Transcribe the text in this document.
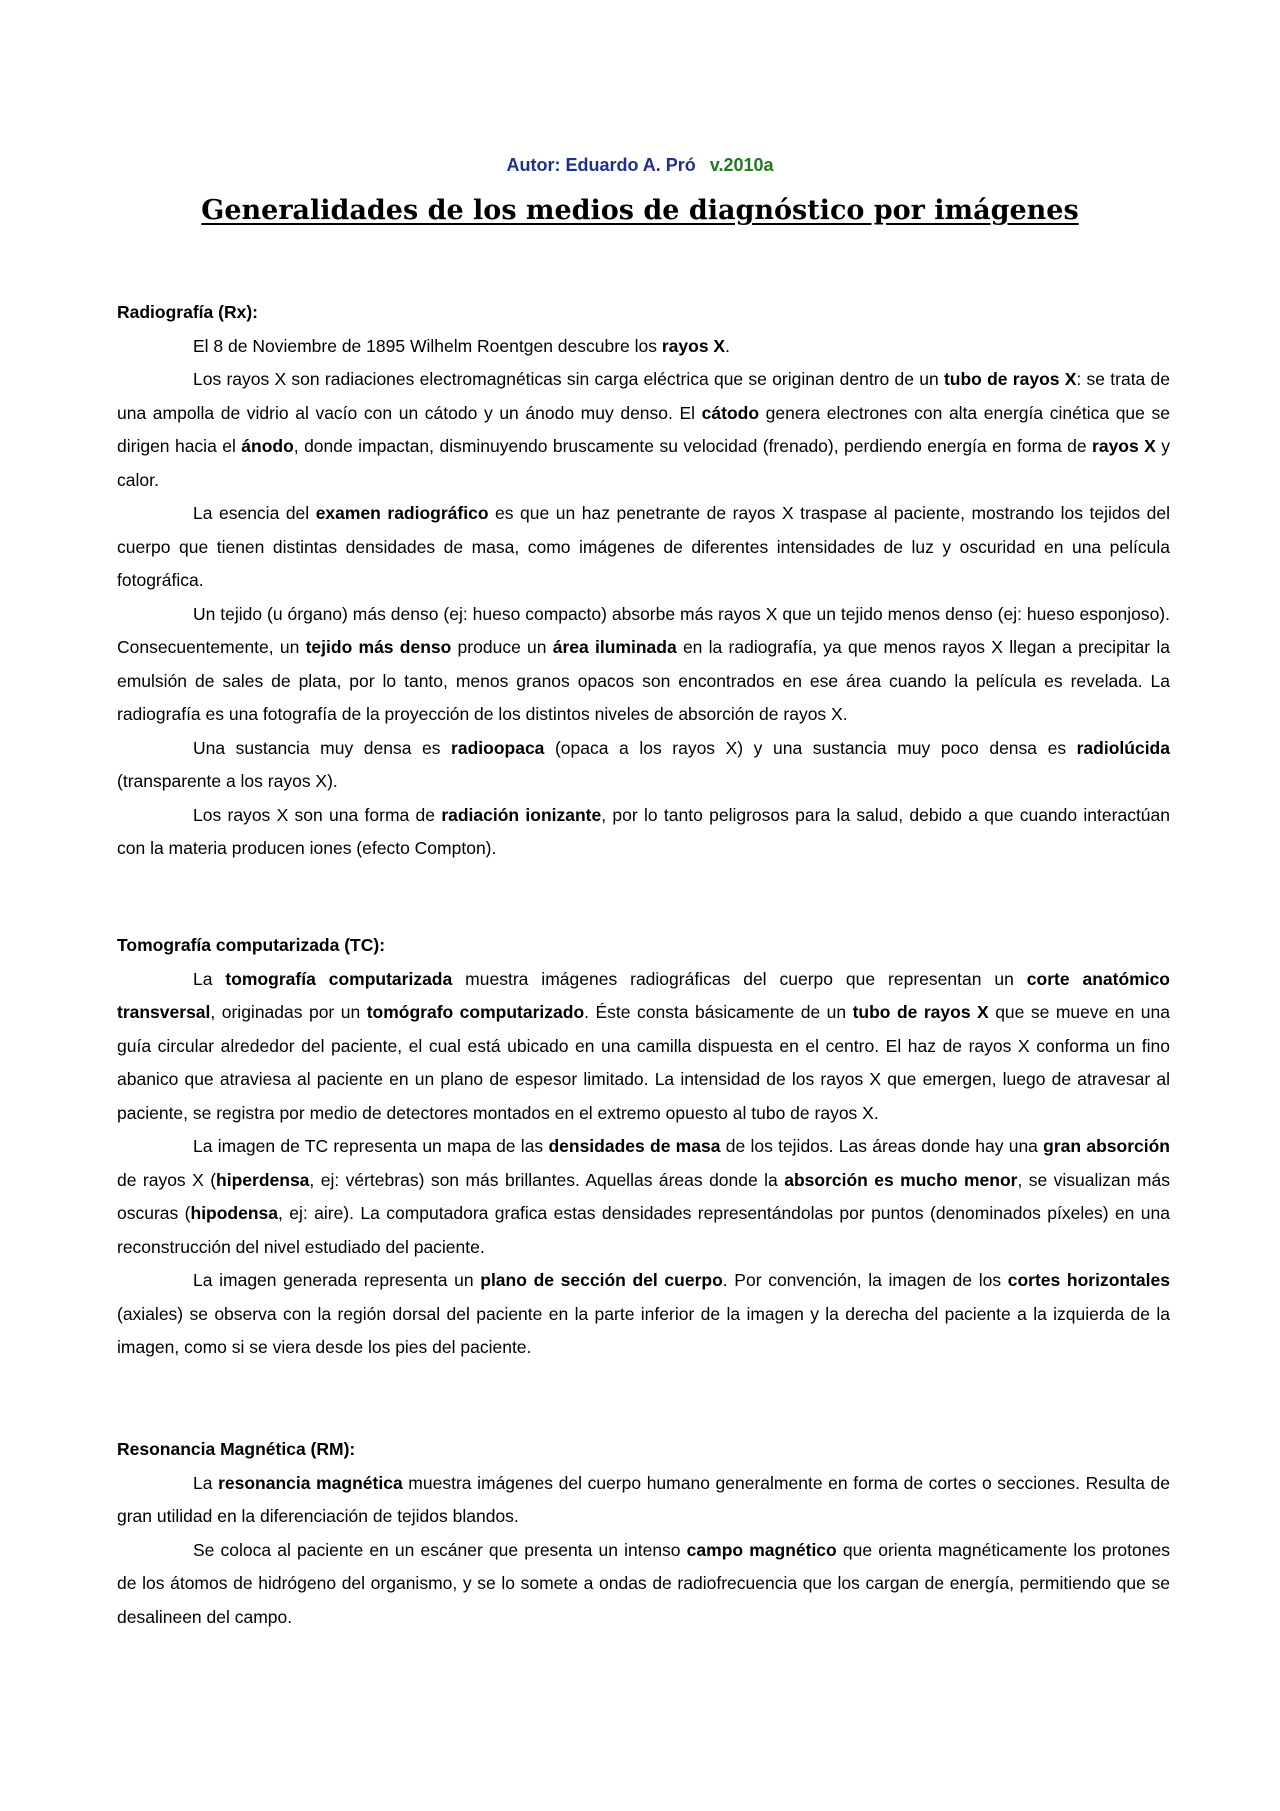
Autor: Eduardo A. Pró v.2010a
Generalidades de los medios de diagnóstico por imágenes

Radiografía (Rx):

El 8 de Noviembre de 1895 Wilhelm Roentgen descubre los rayos X.

Los rayos X son radiaciones electromagnéticas sin carga eléctrica que se originan dentro de un tubo de rayos X: se trata de una ampolla de vidrio al vacío con un cátodo y un ánodo muy denso. El cátodo genera electrones con alta energía cinética que se dirigen hacia el ánodo, donde impactan, disminuyendo bruscamente su velocidad (frenado), perdiendo energía en forma de rayos X y calor.

La esencia del examen radiográfico es que un haz penetrante de rayos X traspase al paciente, mostrando los tejidos del cuerpo que tienen distintas densidades de masa, como imágenes de diferentes intensidades de luz y oscuridad en una película fotográfica.

Un tejido (u órgano) más denso (ej: hueso compacto) absorbe más rayos X que un tejido menos denso (ej: hueso esponjoso). Consecuentemente, un tejido más denso produce un área iluminada en la radiografía, ya que menos rayos X llegan a precipitar la emulsión de sales de plata, por lo tanto, menos granos opacos son encontrados en ese área cuando la película es revelada. La radiografía es una fotografía de la proyección de los distintos niveles de absorción de rayos X.

Una sustancia muy densa es radioopaca (opaca a los rayos X) y una sustancia muy poco densa es radiolúcida (transparente a los rayos X).

Los rayos X son una forma de radiación ionizante, por lo tanto peligrosos para la salud, debido a que cuando interactúan con la materia producen iones (efecto Compton).

Tomografía computarizada (TC):

La tomografía computarizada muestra imágenes radiográficas del cuerpo que representan un corte anatómico transversal, originadas por un tomógrafo computarizado. Éste consta básicamente de un tubo de rayos X que se mueve en una guía circular alrededor del paciente, el cual está ubicado en una camilla dispuesta en el centro. El haz de rayos X conforma un fino abanico que atraviesa al paciente en un plano de espesor limitado. La intensidad de los rayos X que emergen, luego de atravesar al paciente, se registra por medio de detectores montados en el extremo opuesto al tubo de rayos X.

La imagen de TC representa un mapa de las densidades de masa de los tejidos. Las áreas donde hay una gran absorción de rayos X (hiperdensa, ej: vértebras) son más brillantes. Aquellas áreas donde la absorción es mucho menor, se visualizan más oscuras (hipodensa, ej: aire). La computadora grafica estas densidades representándolas por puntos (denominados píxeles) en una reconstrucción del nivel estudiado del paciente.

La imagen generada representa un plano de sección del cuerpo. Por convención, la imagen de los cortes horizontales (axiales) se observa con la región dorsal del paciente en la parte inferior de la imagen y la derecha del paciente a la izquierda de la imagen, como si se viera desde los pies del paciente.

Resonancia Magnética (RM):

La resonancia magnética muestra imágenes del cuerpo humano generalmente en forma de cortes o secciones. Resulta de gran utilidad en la diferenciación de tejidos blandos.

Se coloca al paciente en un escáner que presenta un intenso campo magnético que orienta magnéticamente los protones de los átomos de hidrógeno del organismo, y se lo somete a ondas de radiofrecuencia que los cargan de energía, permitiendo que se desalineen del campo.
